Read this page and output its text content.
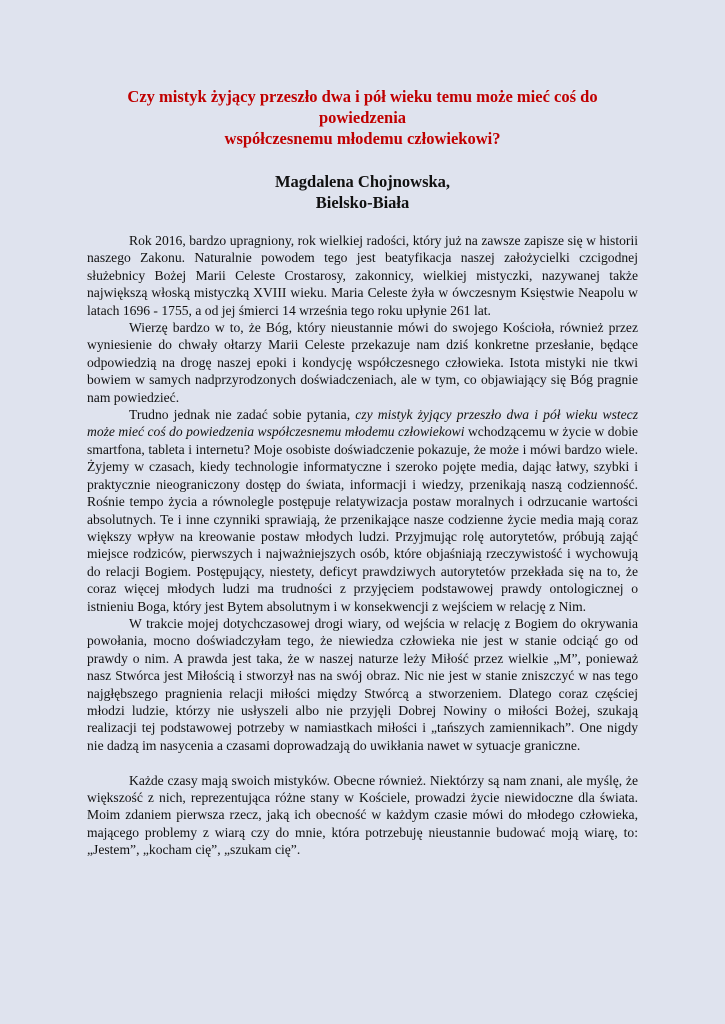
Czy mistyk żyjący przeszło dwa i pół wieku temu może mieć coś do
powiedzenia
współczesnemu młodemu człowiekowi?
Magdalena Chojnowska,
Bielsko-Biała

Rok 2016, bardzo upragniony, rok wielkiej radości, który już na zawsze zapisze się w historii naszego Zakonu. Naturalnie powodem tego jest beatyfikacja naszej założycielki czcigodnej służebnicy Bożej Marii Celeste Crostarosy, zakonnicy, wielkiej mistyczki, nazywanej także największą włoską mistyczką XVIII wieku. Maria Celeste żyła w ówczesnym Księstwie Neapolu w latach 1696 - 1755, a od jej śmierci 14 września tego roku upłynie 261 lat.

Wierzę bardzo w to, że Bóg, który nieustannie mówi do swojego Kościoła, również przez wyniesienie do chwały ołtarzy Marii Celeste przekazuje nam dziś konkretne przesłanie, będące odpowiedzią na drogę naszej epoki i kondycję współczesnego człowieka. Istota mistyki nie tkwi bowiem w samych nadprzyrodzonych doświadczeniach, ale w tym, co objawiający się Bóg pragnie nam powiedzieć.

Trudno jednak nie zadać sobie pytania, czy mistyk żyjący przeszło dwa i pół wieku wstecz może mieć coś do powiedzenia współczesnemu młodemu człowiekowi wchodzącemu w życie w dobie smartfona, tableta i internetu? Moje osobiste doświadczenie pokazuje, że może i mówi bardzo wiele. Żyjemy w czasach, kiedy technologie informatyczne i szeroko pojęte media, dając łatwy, szybki i praktycznie nieograniczony dostęp do świata, informacji i wiedzy, przenikają naszą codzienność. Rośnie tempo życia a równolegle postępuje relatywizacja postaw moralnych i odrzucanie wartości absolutnych. Te i inne czynniki sprawiają, że przenikające nasze codzienne życie media mają coraz większy wpływ na kreowanie postaw młodych ludzi. Przyjmując rolę autorytetów, próbują zająć miejsce rodziców, pierwszych i najważniejszych osób, które objaśniają rzeczywistość i wychowują do relacji Bogiem. Postępujący, niestety, deficyt prawdziwych autorytetów przekłada się na to, że coraz więcej młodych ludzi ma trudności z przyjęciem podstawowej prawdy ontologicznej o istnieniu Boga, który jest Bytem absolutnym i w konsekwencji z wejściem w relację z Nim.

W trakcie mojej dotychczasowej drogi wiary, od wejścia w relację z Bogiem do okrywania powołania, mocno doświadczyłam tego, że niewiedza człowieka nie jest w stanie odciąć go od prawdy o nim. A prawda jest taka, że w naszej naturze leży Miłość przez wielkie „M”, ponieważ nasz Stwórca jest Miłością i stworzył nas na swój obraz. Nic nie jest w stanie zniszczyć w nas tego najgłębszego pragnienia relacji miłości między Stwórcą a stworzeniem. Dlatego coraz częściej młodzi ludzie, którzy nie usłyszeli albo nie przyjęli Dobrej Nowiny o miłości Bożej, szukają realizacji tej podstawowej potrzeby w namiastkach miłości i „tańszych zamiennikach”. One nigdy nie dadzą im nasycenia a czasami doprowadzają do uwikłania nawet w sytuacje graniczne.

Każde czasy mają swoich mistyków. Obecne również. Niektórzy są nam znani, ale myślę, że większość z nich, reprezentująca różne stany w Kościele, prowadzi życie niewidoczne dla świata. Moim zdaniem pierwsza rzecz, jaką ich obecność w każdym czasie mówi do młodego człowieka, mającego problemy z wiarą czy do mnie, która potrzebuję nieustannie budować moją wiarę, to: „Jestem”, „kocham cię”, „szukam cię”.
